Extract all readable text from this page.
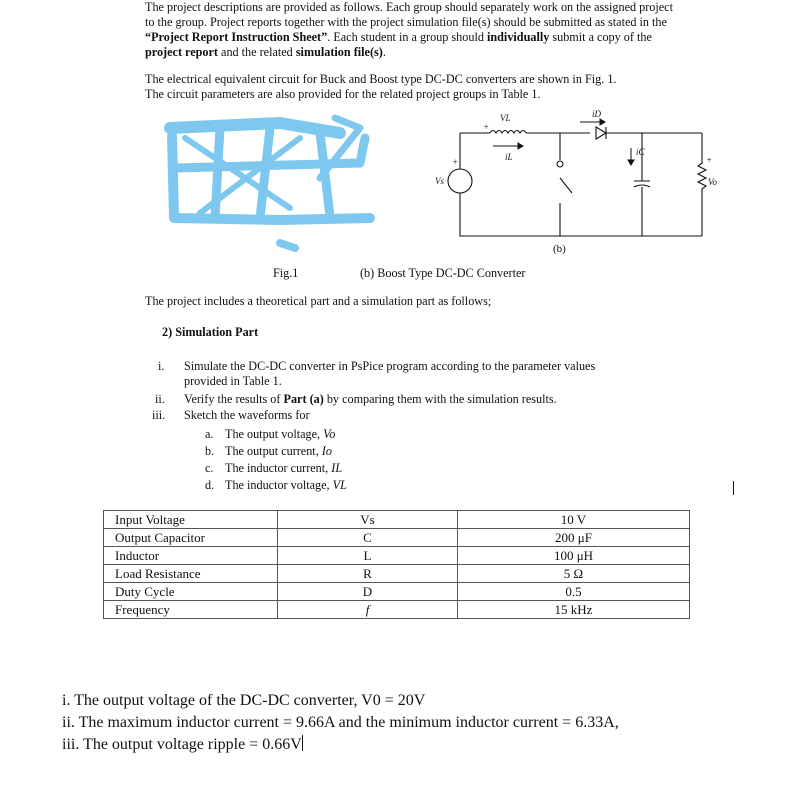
The project descriptions are provided as follows. Each group should separately work on the assigned project
to the group. Project reports together with the project simulation file(s) should be submitted as stated in the
“Project Report Instruction Sheet”. Each student in a group should individually submit a copy of the
project report and the related simulation file(s).
The electrical equivalent circuit for Buck and Boost type DC-DC converters are shown in Fig. 1.
The circuit parameters are also provided for the related project groups in Table 1.
VL
+
iL
iD
iC
Vs
+
Vo
+
(b)
Fig.1	(b) Boost Type DC-DC Converter
The project includes a theoretical part and a simulation part as follows;
2) Simulation Part
i. Simulate the DC-DC converter in PsPice program according to the parameter values
provided in Table 1.
ii. Verify the results of Part (a) by comparing them with the simulation results.
iii. Sketch the waveforms for
a. The output voltage, Vo
b. The output current, Io
c. The inductor current, IL
d. The inductor voltage, VL
Input Voltage	Vs	10 V
Output Capacitor	C	200 μF
Inductor	L	100 μH
Load Resistance	R	5 Ω
Duty Cycle	D	0.5
Frequency	f	15 kHz
i. The output voltage of the DC-DC converter, V0 = 20V
ii. The maximum inductor current = 9.66A and the minimum inductor current = 6.33A,
iii. The output voltage ripple = 0.66V
